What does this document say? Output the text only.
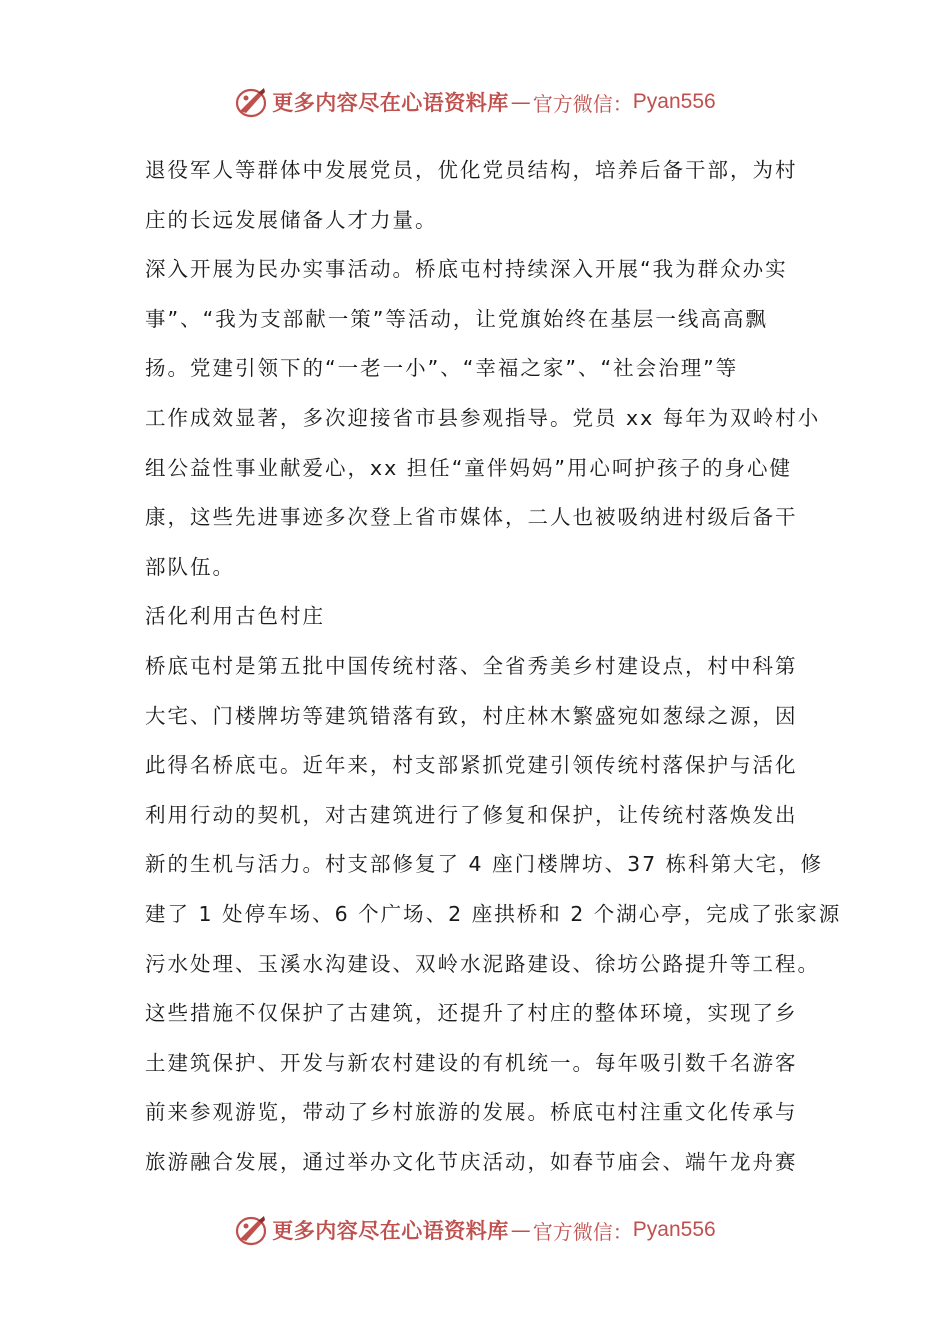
更多内容尽在心语资料库 — 官方微信： Pyan556
退役军人等群体中发展党员，优化党员结构，培养后备干部，为村
庄的长远发展储备人才力量。
深入开展为民办实事活动。桥底屯村持续深入开展“我为群众办实
事”、“我为支部献一策”等活动，让党旗始终在基层一线高高飘
扬。党建引领下的“一老一小”、“幸福之家”、“社会治理”等
工作成效显著，多次迎接省市县参观指导。党员 xx 每年为双岭村小
组公益性事业献爱心，xx 担任“童伴妈妈”用心呵护孩子的身心健
康，这些先进事迹多次登上省市媒体，二人也被吸纳进村级后备干
部队伍。
活化利用古色村庄
桥底屯村是第五批中国传统村落、全省秀美乡村建设点，村中科第
大宅、门楼牌坊等建筑错落有致，村庄林木繁盛宛如葱绿之源，因
此得名桥底屯。近年来，村支部紧抓党建引领传统村落保护与活化
利用行动的契机，对古建筑进行了修复和保护，让传统村落焕发出
新的生机与活力。村支部修复了 4 座门楼牌坊、37 栋科第大宅，修
建了 1 处停车场、6 个广场、2 座拱桥和 2 个湖心亭，完成了张家源
污水处理、玉溪水沟建设、双岭水泥路建设、徐坊公路提升等工程。
这些措施不仅保护了古建筑，还提升了村庄的整体环境，实现了乡
土建筑保护、开发与新农村建设的有机统一。每年吸引数千名游客
前来参观游览，带动了乡村旅游的发展。桥底屯村注重文化传承与
旅游融合发展，通过举办文化节庆活动，如春节庙会、端午龙舟赛
更多内容尽在心语资料库 — 官方微信： Pyan556
